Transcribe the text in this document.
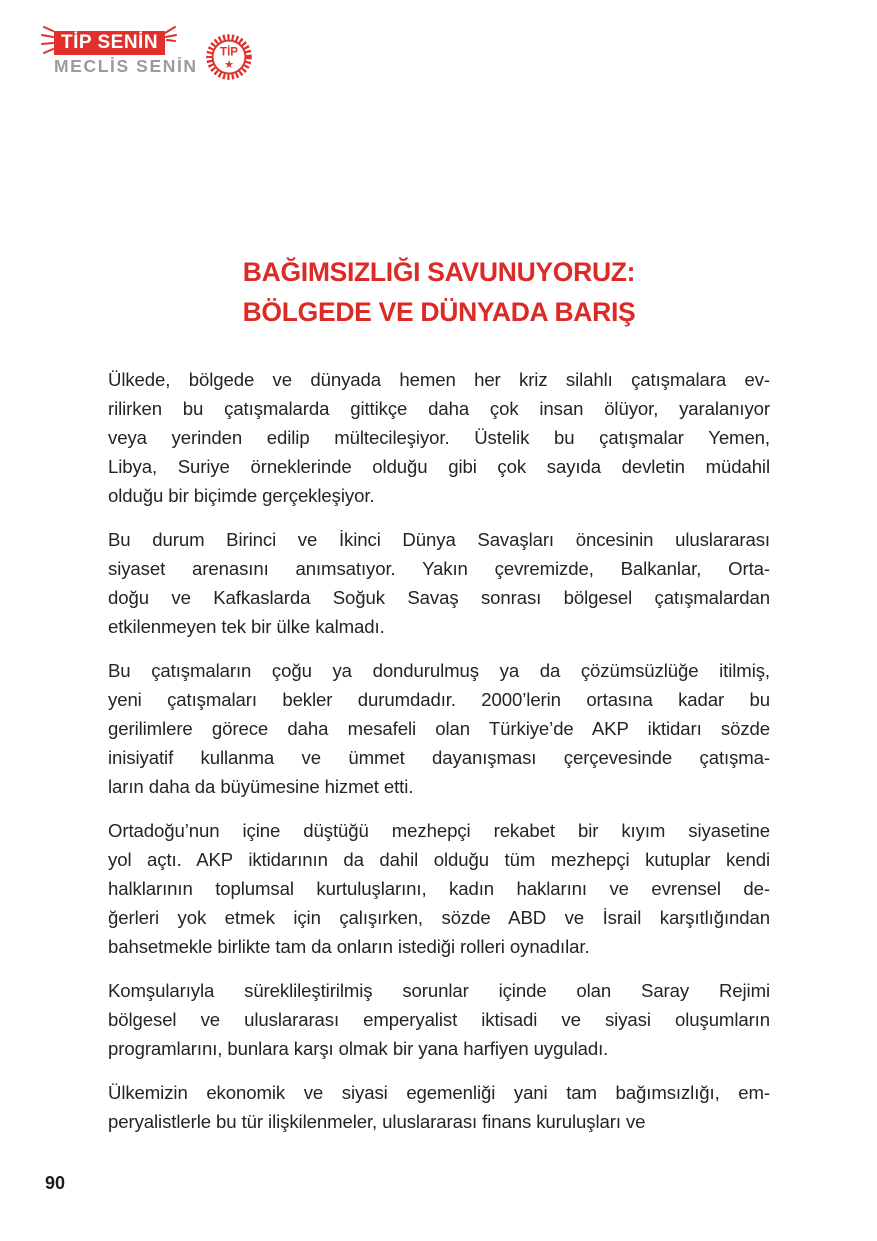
TİP SENİN
MECLİS SENİN
TİP
★
BAĞIMSIZLIĞI SAVUNUYORUZ:
BÖLGEDE VE DÜNYADA BARIŞ
Ülkede, bölgede ve dünyada hemen her kriz silahlı çatışmalara ev-
rilirken bu çatışmalarda gittikçe daha çok insan ölüyor, yaralanıyor
veya yerinden edilip mültecileşiyor. Üstelik bu çatışmalar Yemen,
Libya, Suriye örneklerinde olduğu gibi çok sayıda devletin müdahil
olduğu bir biçimde gerçekleşiyor.
Bu durum Birinci ve İkinci Dünya Savaşları öncesinin uluslararası
siyaset arenasını anımsatıyor. Yakın çevremizde, Balkanlar, Orta-
doğu ve Kafkaslarda Soğuk Savaş sonrası bölgesel çatışmalardan
etkilenmeyen tek bir ülke kalmadı.
Bu çatışmaların çoğu ya dondurulmuş ya da çözümsüzlüğe itilmiş,
yeni çatışmaları bekler durumdadır. 2000’lerin ortasına kadar bu
gerilimlere görece daha mesafeli olan Türkiye’de AKP iktidarı sözde
inisiyatif kullanma ve ümmet dayanışması çerçevesinde çatışma-
ların daha da büyümesine hizmet etti.
Ortadoğu’nun içine düştüğü mezhepçi rekabet bir kıyım siyasetine
yol açtı. AKP iktidarının da dahil olduğu tüm mezhepçi kutuplar kendi
halklarının toplumsal kurtuluşlarını, kadın haklarını ve evrensel de-
ğerleri yok etmek için çalışırken, sözde ABD ve İsrail karşıtlığından
bahsetmekle birlikte tam da onların istediği rolleri oynadılar.
Komşularıyla süreklileştirilmiş sorunlar içinde olan Saray Rejimi
bölgesel ve uluslararası emperyalist iktisadi ve siyasi oluşumların
programlarını, bunlara karşı olmak bir yana harfiyen uyguladı.
Ülkemizin ekonomik ve siyasi egemenliği yani tam bağımsızlığı, em-
peryalistlerle bu tür ilişkilenmeler, uluslararası finans kuruluşları ve
90
